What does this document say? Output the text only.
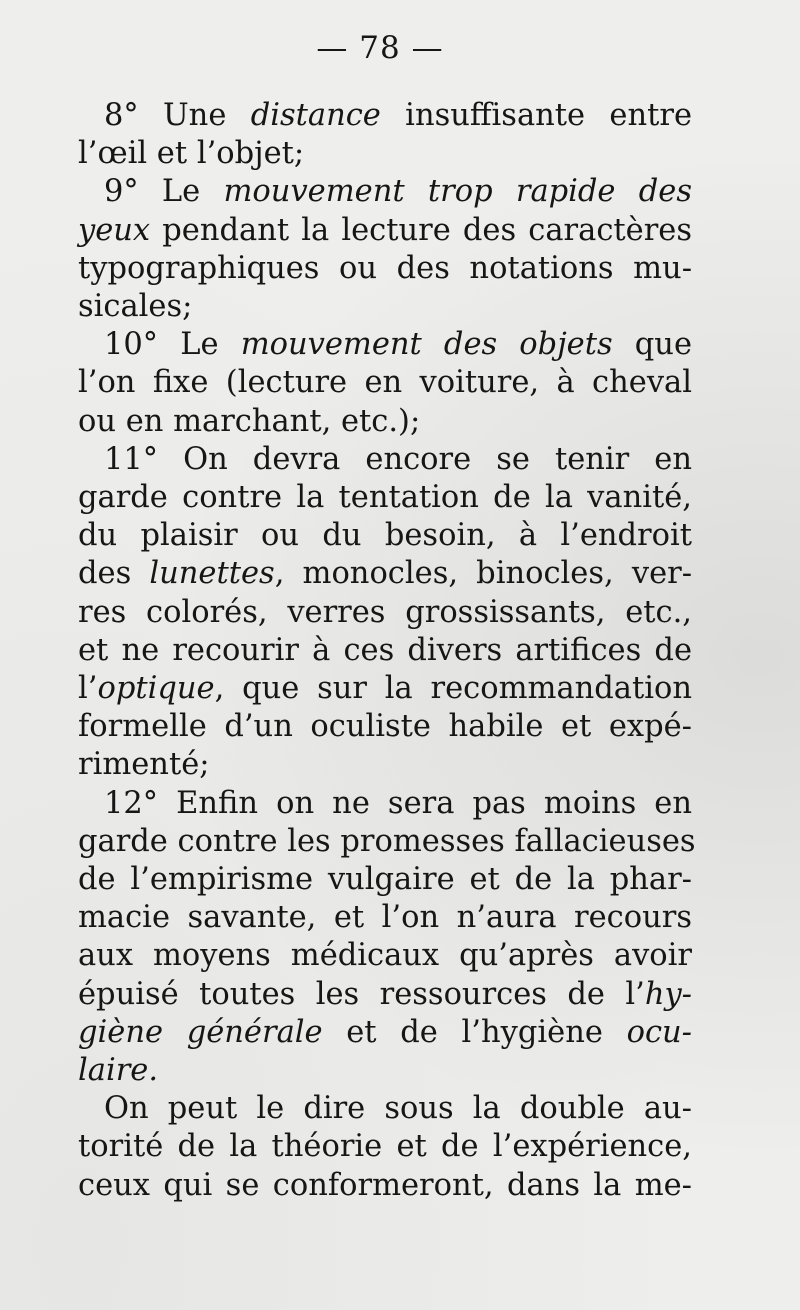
— 78 —
8° Une distance insuffisante entre
l’œil et l’objet;
9° Le mouvement trop rapide des
yeux pendant la lecture des caractères
typographiques ou des notations mu-
sicales;
10° Le mouvement des objets que
l’on fixe (lecture en voiture, à cheval
ou en marchant, etc.);
11° On devra encore se tenir en
garde contre la tentation de la vanité,
du plaisir ou du besoin, à l’endroit
des lunettes, monocles, binocles, ver-
res colorés, verres grossissants, etc.,
et ne recourir à ces divers artifices de
l’optique, que sur la recommandation
formelle d’un oculiste habile et expé-
rimenté;
12° Enfin on ne sera pas moins en
garde contre les promesses fallacieuses
de l’empirisme vulgaire et de la phar-
macie savante, et l’on n’aura recours
aux moyens médicaux qu’après avoir
épuisé toutes les ressources de l’hy-
giène générale et de l’hygiène ocu-
laire.
On peut le dire sous la double au-
torité de la théorie et de l’expérience,
ceux qui se conformeront, dans la me-
